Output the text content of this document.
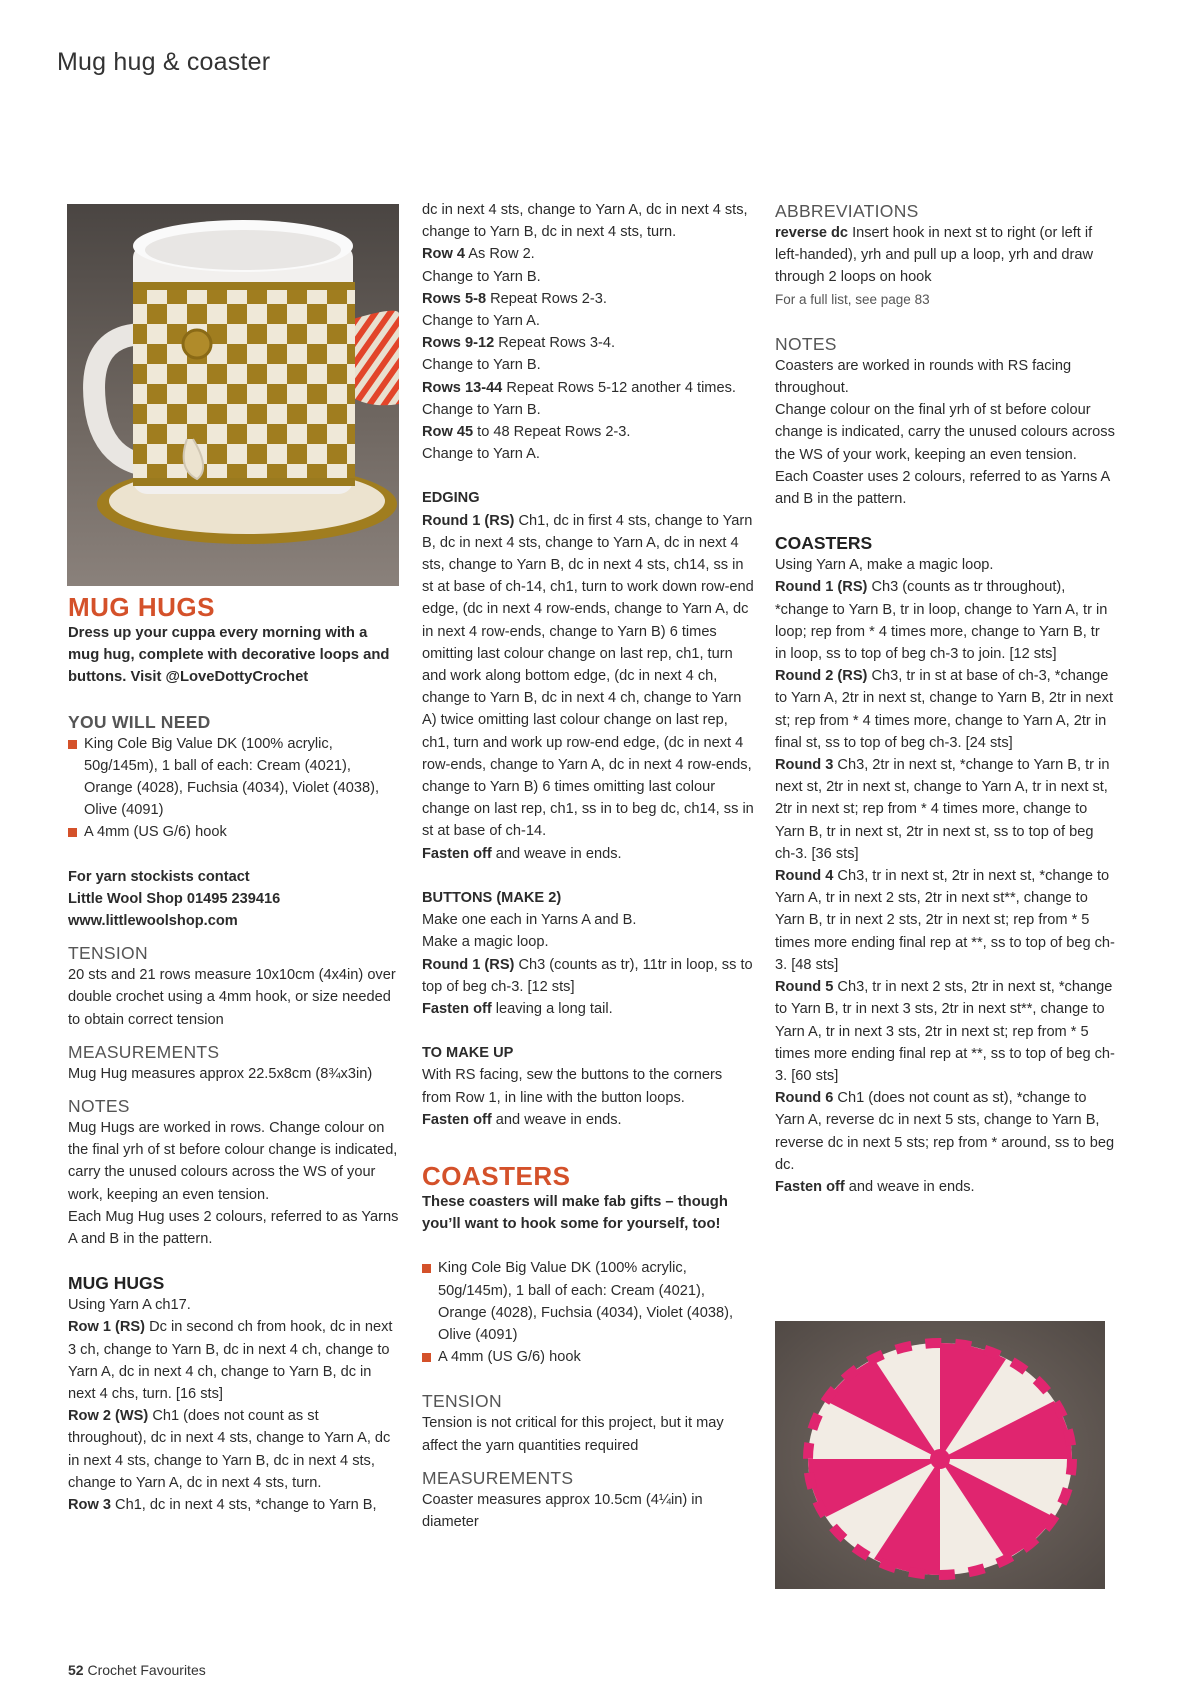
Mug hug & coaster
MUG HUGS

Dress up your cuppa every morning with a mug hug, complete with decorative loops and buttons. Visit @LoveDottyCrochet

YOU WILL NEED

King Cole Big Value DK (100% acrylic, 50g/145m), 1 ball of each: Cream (4021), Orange (4028), Fuchsia (4034), Violet (4038), Olive (4091)

A 4mm (US G/6) hook

For yarn stockists contact

Little Wool Shop 01495 239416

www.littlewoolshop.com

TENSION

20 sts and 21 rows measure 10x10cm (4x4in) over double crochet using a 4mm hook, or size needed to obtain correct tension

MEASUREMENTS

Mug Hug measures approx 22.5x8cm (8¾x3in)

NOTES

Mug Hugs are worked in rows. Change colour on the final yrh of st before colour change is indicated, carry the unused colours across the WS of your work, keeping an even tension.

Each Mug Hug uses 2 colours, referred to as Yarns A and B in the pattern.

MUG HUGS

Using Yarn A ch17.

Row 1 (RS) Dc in second ch from hook, dc in next 3 ch, change to Yarn B, dc in next 4 ch, change to Yarn A, dc in next 4 ch, change to Yarn B, dc in next 4 chs, turn. [16 sts]

Row 2 (WS) Ch1 (does not count as st throughout), dc in next 4 sts, change to Yarn A, dc in next 4 sts, change to Yarn B, dc in next 4 sts, change to Yarn A, dc in next 4 sts, turn.

Row 3 Ch1, dc in next 4 sts, *change to Yarn B,

dc in next 4 sts, change to Yarn A, dc in next 4 sts, change to Yarn B, dc in next 4 sts, turn.

Row 4 As Row 2.

Change to Yarn B.

Rows 5-8 Repeat Rows 2-3.

Change to Yarn A.

Rows 9-12 Repeat Rows 3-4.

Change to Yarn B.

Rows 13-44 Repeat Rows 5-12 another 4 times.

Change to Yarn B.

Row 45 to 48 Repeat Rows 2-3.

Change to Yarn A.

EDGING

Round 1 (RS) Ch1, dc in first 4 sts, change to Yarn B, dc in next 4 sts, change to Yarn A, dc in next 4 sts, change to Yarn B, dc in next 4 sts, ch14, ss in st at base of ch-14, ch1, turn to work down row-end edge, (dc in next 4 row-ends, change to Yarn A, dc in next 4 row-ends, change to Yarn B) 6 times omitting last colour change on last rep, ch1, turn and work along bottom edge, (dc in next 4 ch, change to Yarn B, dc in next 4 ch, change to Yarn A) twice omitting last colour change on last rep, ch1, turn and work up row-end edge, (dc in next 4 row-ends, change to Yarn A, dc in next 4 row-ends, change to Yarn B) 6 times omitting last colour change on last rep, ch1, ss in to beg dc, ch14, ss in st at base of ch-14.

Fasten off and weave in ends.

BUTTONS (MAKE 2)

Make one each in Yarns A and B.

Make a magic loop.

Round 1 (RS) Ch3 (counts as tr), 11tr in loop, ss to top of beg ch-3. [12 sts]

Fasten off leaving a long tail.

TO MAKE UP

With RS facing, sew the buttons to the corners from Row 1, in line with the button loops.

Fasten off and weave in ends.

COASTERS

These coasters will make fab gifts – though you’ll want to hook some for yourself, too!

King Cole Big Value DK (100% acrylic, 50g/145m), 1 ball of each: Cream (4021), Orange (4028), Fuchsia (4034), Violet (4038), Olive (4091)

A 4mm (US G/6) hook

TENSION

Tension is not critical for this project, but it may affect the yarn quantities required

MEASUREMENTS

Coaster measures approx 10.5cm (4¼in) in diameter

ABBREVIATIONS

reverse dc Insert hook in next st to right (or left if left-handed), yrh and pull up a loop, yrh and draw through 2 loops on hook

For a full list, see page 83

NOTES

Coasters are worked in rounds with RS facing throughout.

Change colour on the final yrh of st before colour change is indicated, carry the unused colours across the WS of your work, keeping an even tension.

Each Coaster uses 2 colours, referred to as Yarns A and B in the pattern.

COASTERS

Using Yarn A, make a magic loop.

Round 1 (RS) Ch3 (counts as tr throughout), *change to Yarn B, tr in loop, change to Yarn A, tr in loop; rep from * 4 times more, change to Yarn B, tr in loop, ss to top of beg ch-3 to join. [12 sts]

Round 2 (RS) Ch3, tr in st at base of ch-3, *change to Yarn A, 2tr in next st, change to Yarn B, 2tr in next st; rep from * 4 times more, change to Yarn A, 2tr in final st, ss to top of beg ch-3. [24 sts]

Round 3 Ch3, 2tr in next st, *change to Yarn B, tr in next st, 2tr in next st, change to Yarn A, tr in next st, 2tr in next st; rep from * 4 times more, change to Yarn B, tr in next st, 2tr in next st, ss to top of beg ch-3. [36 sts]

Round 4 Ch3, tr in next st, 2tr in next st, *change to Yarn A, tr in next 2 sts, 2tr in next st**, change to Yarn B, tr in next 2 sts, 2tr in next st; rep from * 5 times more ending final rep at **, ss to top of beg ch-3. [48 sts]

Round 5 Ch3, tr in next 2 sts, 2tr in next st, *change to Yarn B, tr in next 3 sts, 2tr in next st**, change to Yarn A, tr in next 3 sts, 2tr in next st; rep from * 5 times more ending final rep at **, ss to top of beg ch-3. [60 sts]

Round 6 Ch1 (does not count as st), *change to Yarn A, reverse dc in next 5 sts, change to Yarn B, reverse dc in next 5 sts; rep from * around, ss to beg dc.

Fasten off and weave in ends.

52 Crochet Favourites
